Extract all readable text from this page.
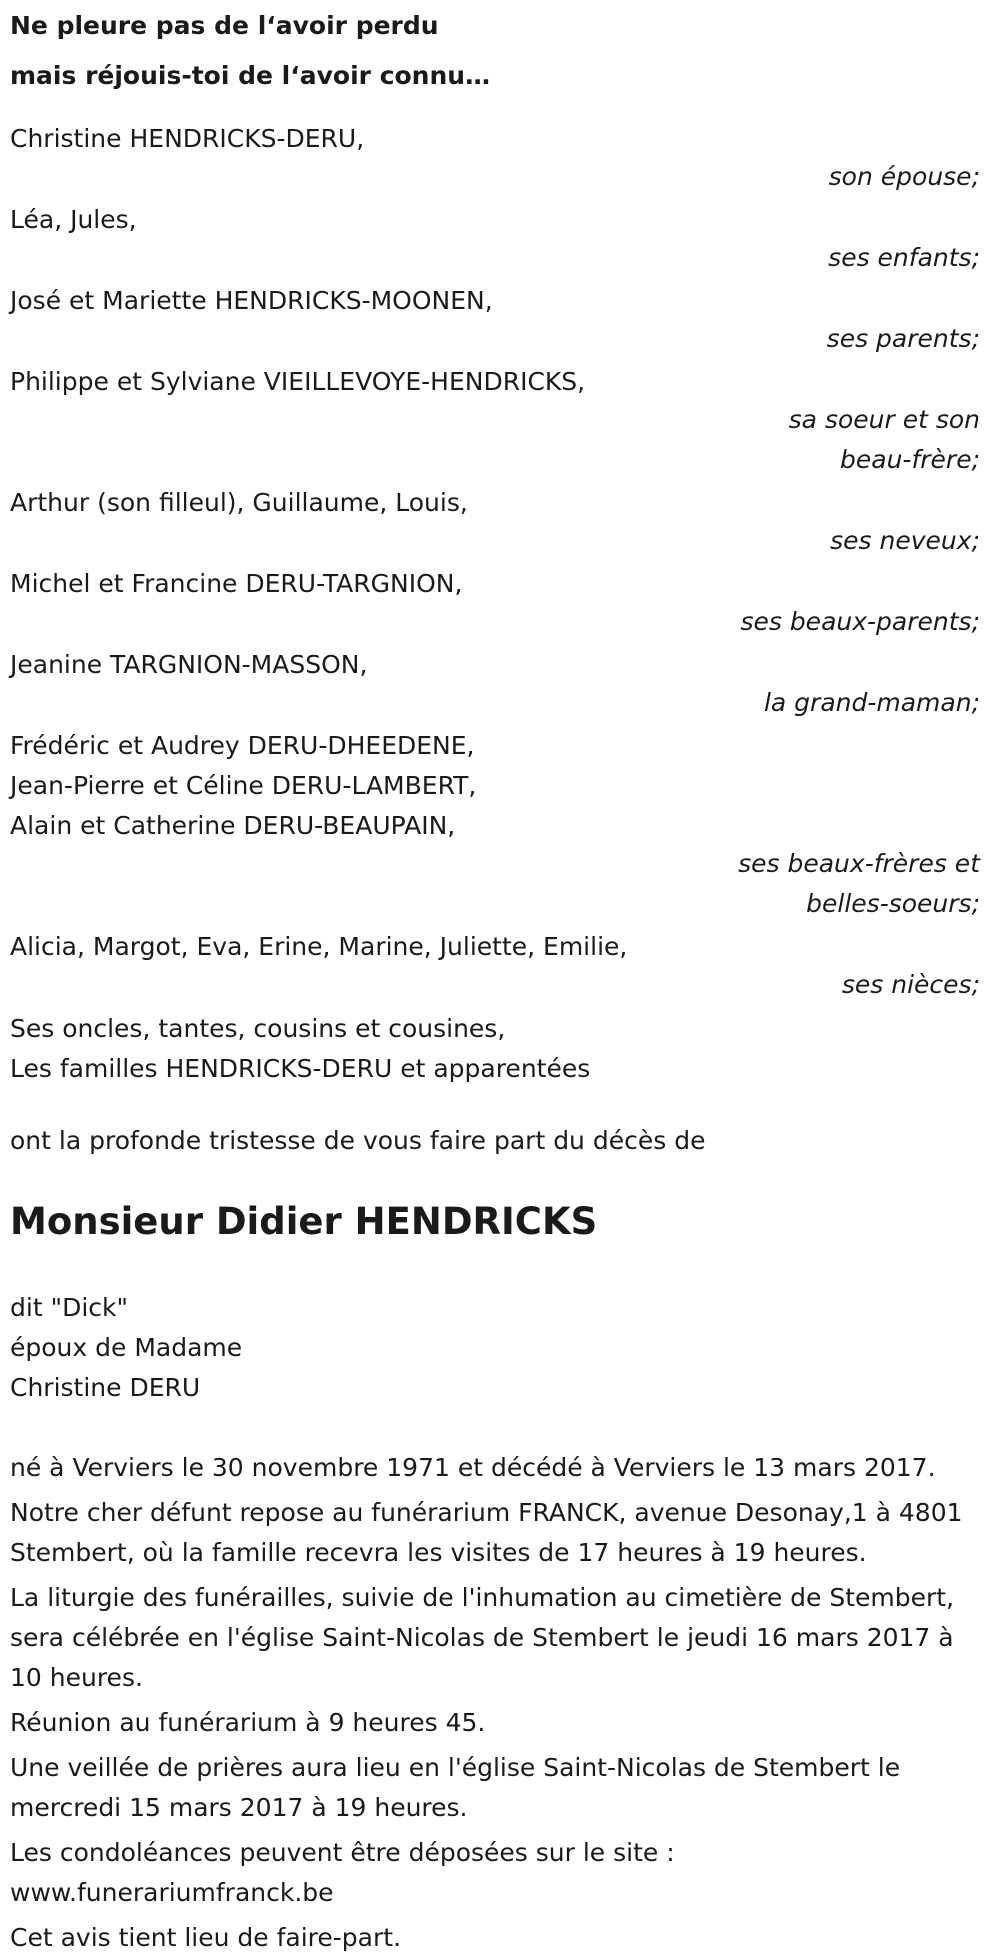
Ne pleure pas de l‘avoir perdu
mais réjouis-toi de l‘avoir connu…
Christine HENDRICKS-DERU,
son épouse;
Léa, Jules,
ses enfants;
José et Mariette HENDRICKS-MOONEN,
ses parents;
Philippe et Sylviane VIEILLEVOYE-HENDRICKS,
sa soeur et son
beau-frère;
Arthur (son filleul), Guillaume, Louis,
ses neveux;
Michel et Francine DERU-TARGNION,
ses beaux-parents;
Jeanine TARGNION-MASSON,
la grand-maman;
Frédéric et Audrey DERU-DHEEDENE,
Jean-Pierre et Céline DERU-LAMBERT,
Alain et Catherine DERU-BEAUPAIN,
ses beaux-frères et
belles-soeurs;
Alicia, Margot, Eva, Erine, Marine, Juliette, Emilie,
ses nièces;
Ses oncles, tantes, cousins et cousines,
Les familles HENDRICKS-DERU et apparentées
ont la profonde tristesse de vous faire part du décès de
Monsieur Didier HENDRICKS
dit "Dick"
époux de Madame
Christine DERU

né à Verviers le 30 novembre 1971 et décédé à Verviers le 13 mars 2017.

Notre cher défunt repose au funérarium FRANCK, avenue Desonay,1 à 4801 Stembert, où la famille recevra les visites de 17 heures à 19 heures.

La liturgie des funérailles, suivie de l'inhumation au cimetière de Stembert, sera célébrée en l'église Saint-Nicolas de Stembert le jeudi 16 mars 2017 à 10 heures.

Réunion au funérarium à 9 heures 45.

Une veillée de prières aura lieu en l'église Saint-Nicolas de Stembert le mercredi 15 mars 2017 à 19 heures.

Les condoléances peuvent être déposées sur le site : www.funerariumfranck.be

Cet avis tient lieu de faire-part.
